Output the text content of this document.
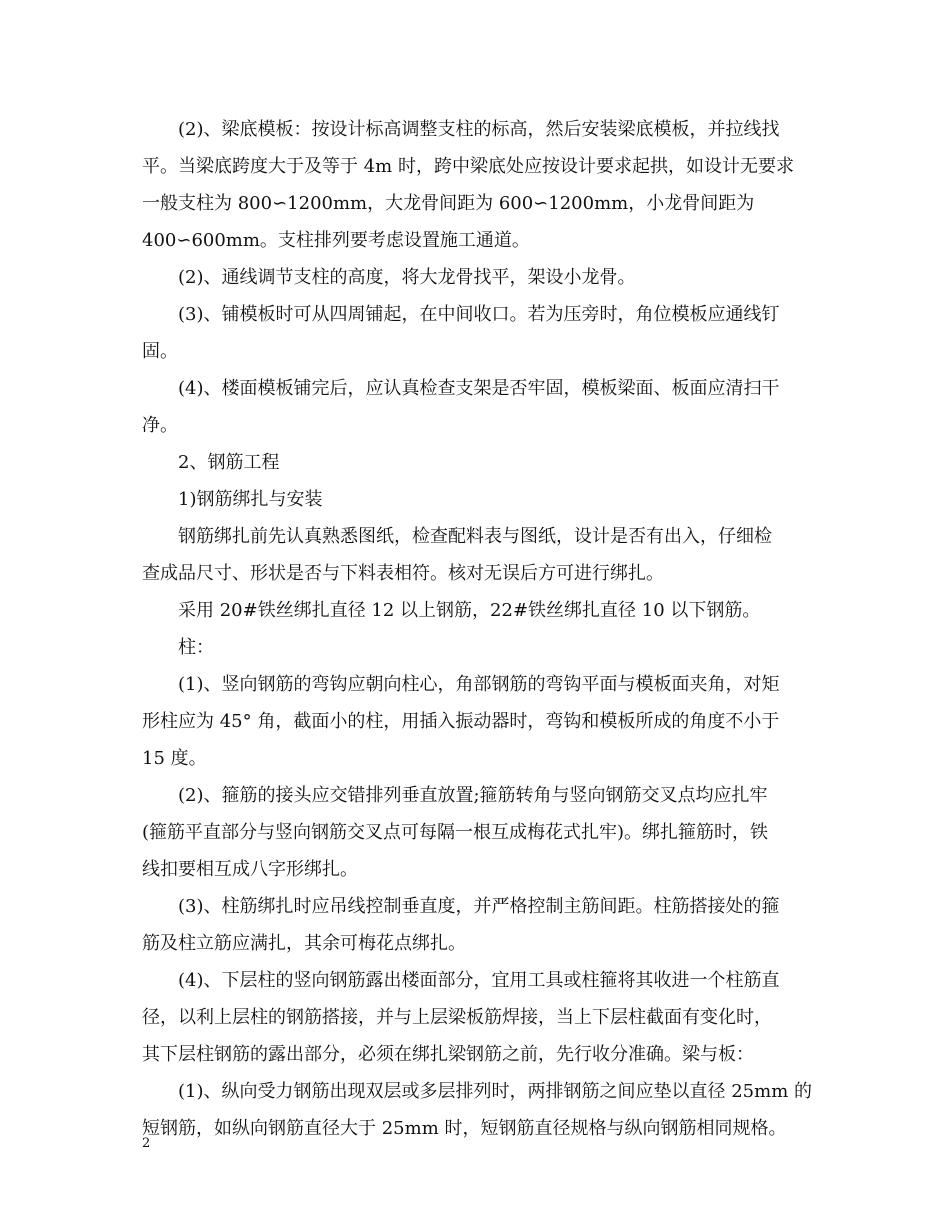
(2)、梁底模板：按设计标高调整支柱的标高，然后安装梁底模板，并拉线找
平。当梁底跨度大于及等于 4m 时，跨中梁底处应按设计要求起拱，如设计无要求
一般支柱为 800∽1200mm，大龙骨间距为 600∽1200mm，小龙骨间距为
400∽600mm。支柱排列要考虑设置施工通道。
(2)、通线调节支柱的高度，将大龙骨找平，架设小龙骨。
(3)、铺模板时可从四周铺起，在中间收口。若为压旁时，角位模板应通线钉
固。
(4)、楼面模板铺完后，应认真检查支架是否牢固，模板梁面、板面应清扫干
净。
2、钢筋工程
1)钢筋绑扎与安装
钢筋绑扎前先认真熟悉图纸，检查配料表与图纸，设计是否有出入，仔细检
查成品尺寸、形状是否与下料表相符。核对无误后方可进行绑扎。
采用 20#铁丝绑扎直径 12 以上钢筋，22#铁丝绑扎直径 10 以下钢筋。
柱：
(1)、竖向钢筋的弯钩应朝向柱心，角部钢筋的弯钩平面与模板面夹角，对矩
形柱应为 45° 角，截面小的柱，用插入振动器时，弯钩和模板所成的角度不小于
15 度。
(2)、箍筋的接头应交错排列垂直放置;箍筋转角与竖向钢筋交叉点均应扎牢
(箍筋平直部分与竖向钢筋交叉点可每隔一根互成梅花式扎牢)。绑扎箍筋时，铁
线扣要相互成八字形绑扎。
(3)、柱筋绑扎时应吊线控制垂直度，并严格控制主筋间距。柱筋搭接处的箍
筋及柱立筋应满扎，其余可梅花点绑扎。
(4)、下层柱的竖向钢筋露出楼面部分，宜用工具或柱箍将其收进一个柱筋直
径，以利上层柱的钢筋搭接，并与上层梁板筋焊接，当上下层柱截面有变化时，
其下层柱钢筋的露出部分，必须在绑扎梁钢筋之前，先行收分准确。梁与板：
(1)、纵向受力钢筋出现双层或多层排列时，两排钢筋之间应垫以直径 25mm 的
短钢筋，如纵向钢筋直径大于 25mm 时，短钢筋直径规格与纵向钢筋相同规格。
2
